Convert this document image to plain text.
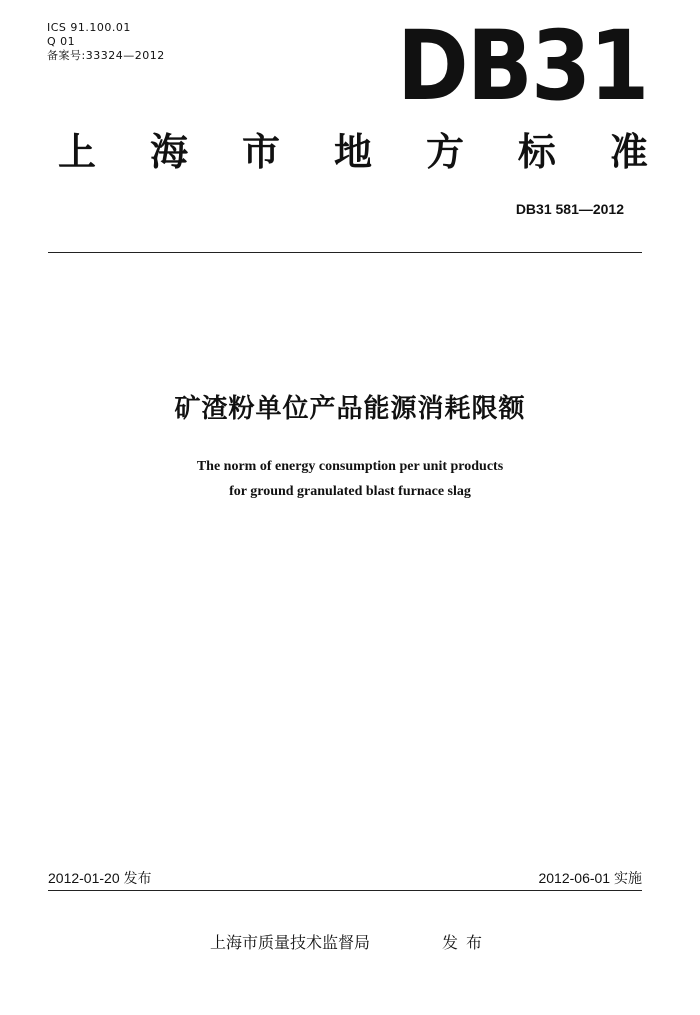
ICS 91.100.01
Q 01
备案号:33324—2012 DB31
上 海 市 地 方 标 准
DB31 581—2012
矿渣粉单位产品能源消耗限额
The norm of energy consumption per unit products
for ground granulated blast furnace slag
2012-01-20 发布	2012-06-01 实施
上海市质量技术监督局	发布
